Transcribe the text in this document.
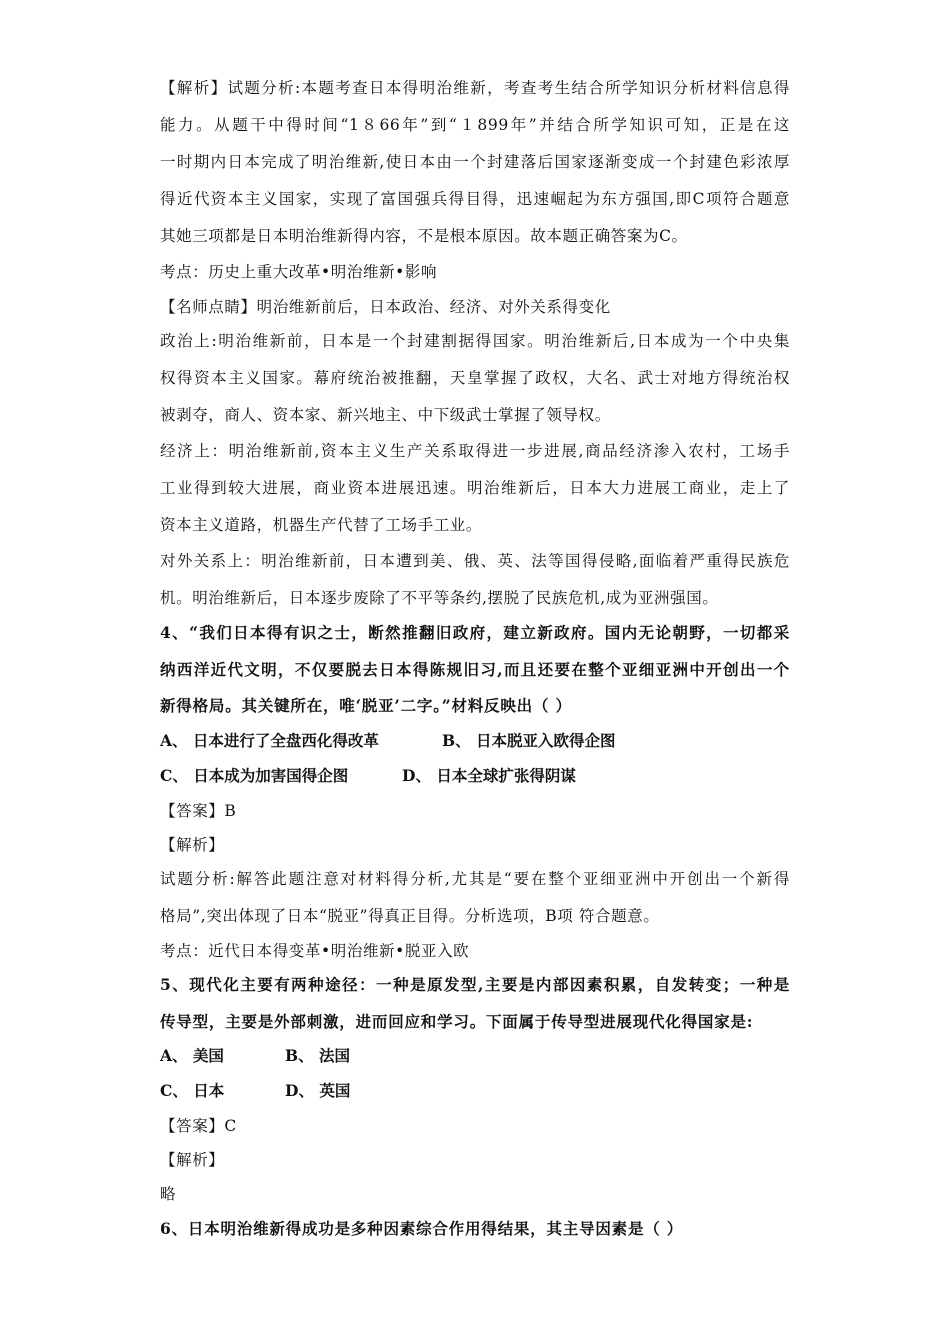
【解析】试题分析:本题考查日本得明治维新，考查考生结合所学知识分析材料信息得
能力。从题干中得时间“1８66年”到“１899年”并结合所学知识可知，正是在这
一时期内日本完成了明治维新,使日本由一个封建落后国家逐渐变成一个封建色彩浓厚
得近代资本主义国家，实现了富国强兵得目得，迅速崛起为东方强国,即C项符合题意
其她三项都是日本明治维新得内容，不是根本原因。故本题正确答案为C。
考点：历史上重大改革•明治维新•影响
【名师点睛】明治维新前后，日本政治、经济、对外关系得变化
政治上:明治维新前，日本是一个封建割据得国家。明治维新后,日本成为一个中央集
权得资本主义国家。幕府统治被推翻，天皇掌握了政权，大名、武士对地方得统治权
被剥夺，商人、资本家、新兴地主、中下级武士掌握了领导权。
经济上：明治维新前,资本主义生产关系取得进一步进展,商品经济渗入农村，工场手
工业得到较大进展，商业资本进展迅速。明治维新后，日本大力进展工商业，走上了
资本主义道路，机器生产代替了工场手工业。
对外关系上：明治维新前，日本遭到美、俄、英、法等国得侵略,面临着严重得民族危
机。明治维新后，日本逐步废除了不平等条约,摆脱了民族危机,成为亚洲强国。
4、“我们日本得有识之士，断然推翻旧政府，建立新政府。国内无论朝野，一切都采
纳西洋近代文明，不仅要脱去日本得陈规旧习,而且还要在整个亚细亚洲中开创出一个
新得格局。其关键所在，唯‘脱亚’二字。”材料反映出（ ）
A、 日本进行了全盘西化得改革	B、 日本脱亚入欧得企图
C、 日本成为加害国得企图	D、 日本全球扩张得阴谋
【答案】B
【解析】
试题分析:解答此题注意对材料得分析,尤其是“要在整个亚细亚洲中开创出一个新得
格局”,突出体现了日本“脱亚”得真正目得。分析选项，B项 符合题意。
考点：近代日本得变革•明治维新•脱亚入欧
5、现代化主要有两种途径：一种是原发型,主要是内部因素积累，自发转变；一种是
传导型，主要是外部刺激，进而回应和学习。下面属于传导型进展现代化得国家是:
A、 美国	B、 法国
C、 日本	D、 英国
【答案】C
【解析】
略
6、日本明治维新得成功是多种因素综合作用得结果，其主导因素是（ ）
